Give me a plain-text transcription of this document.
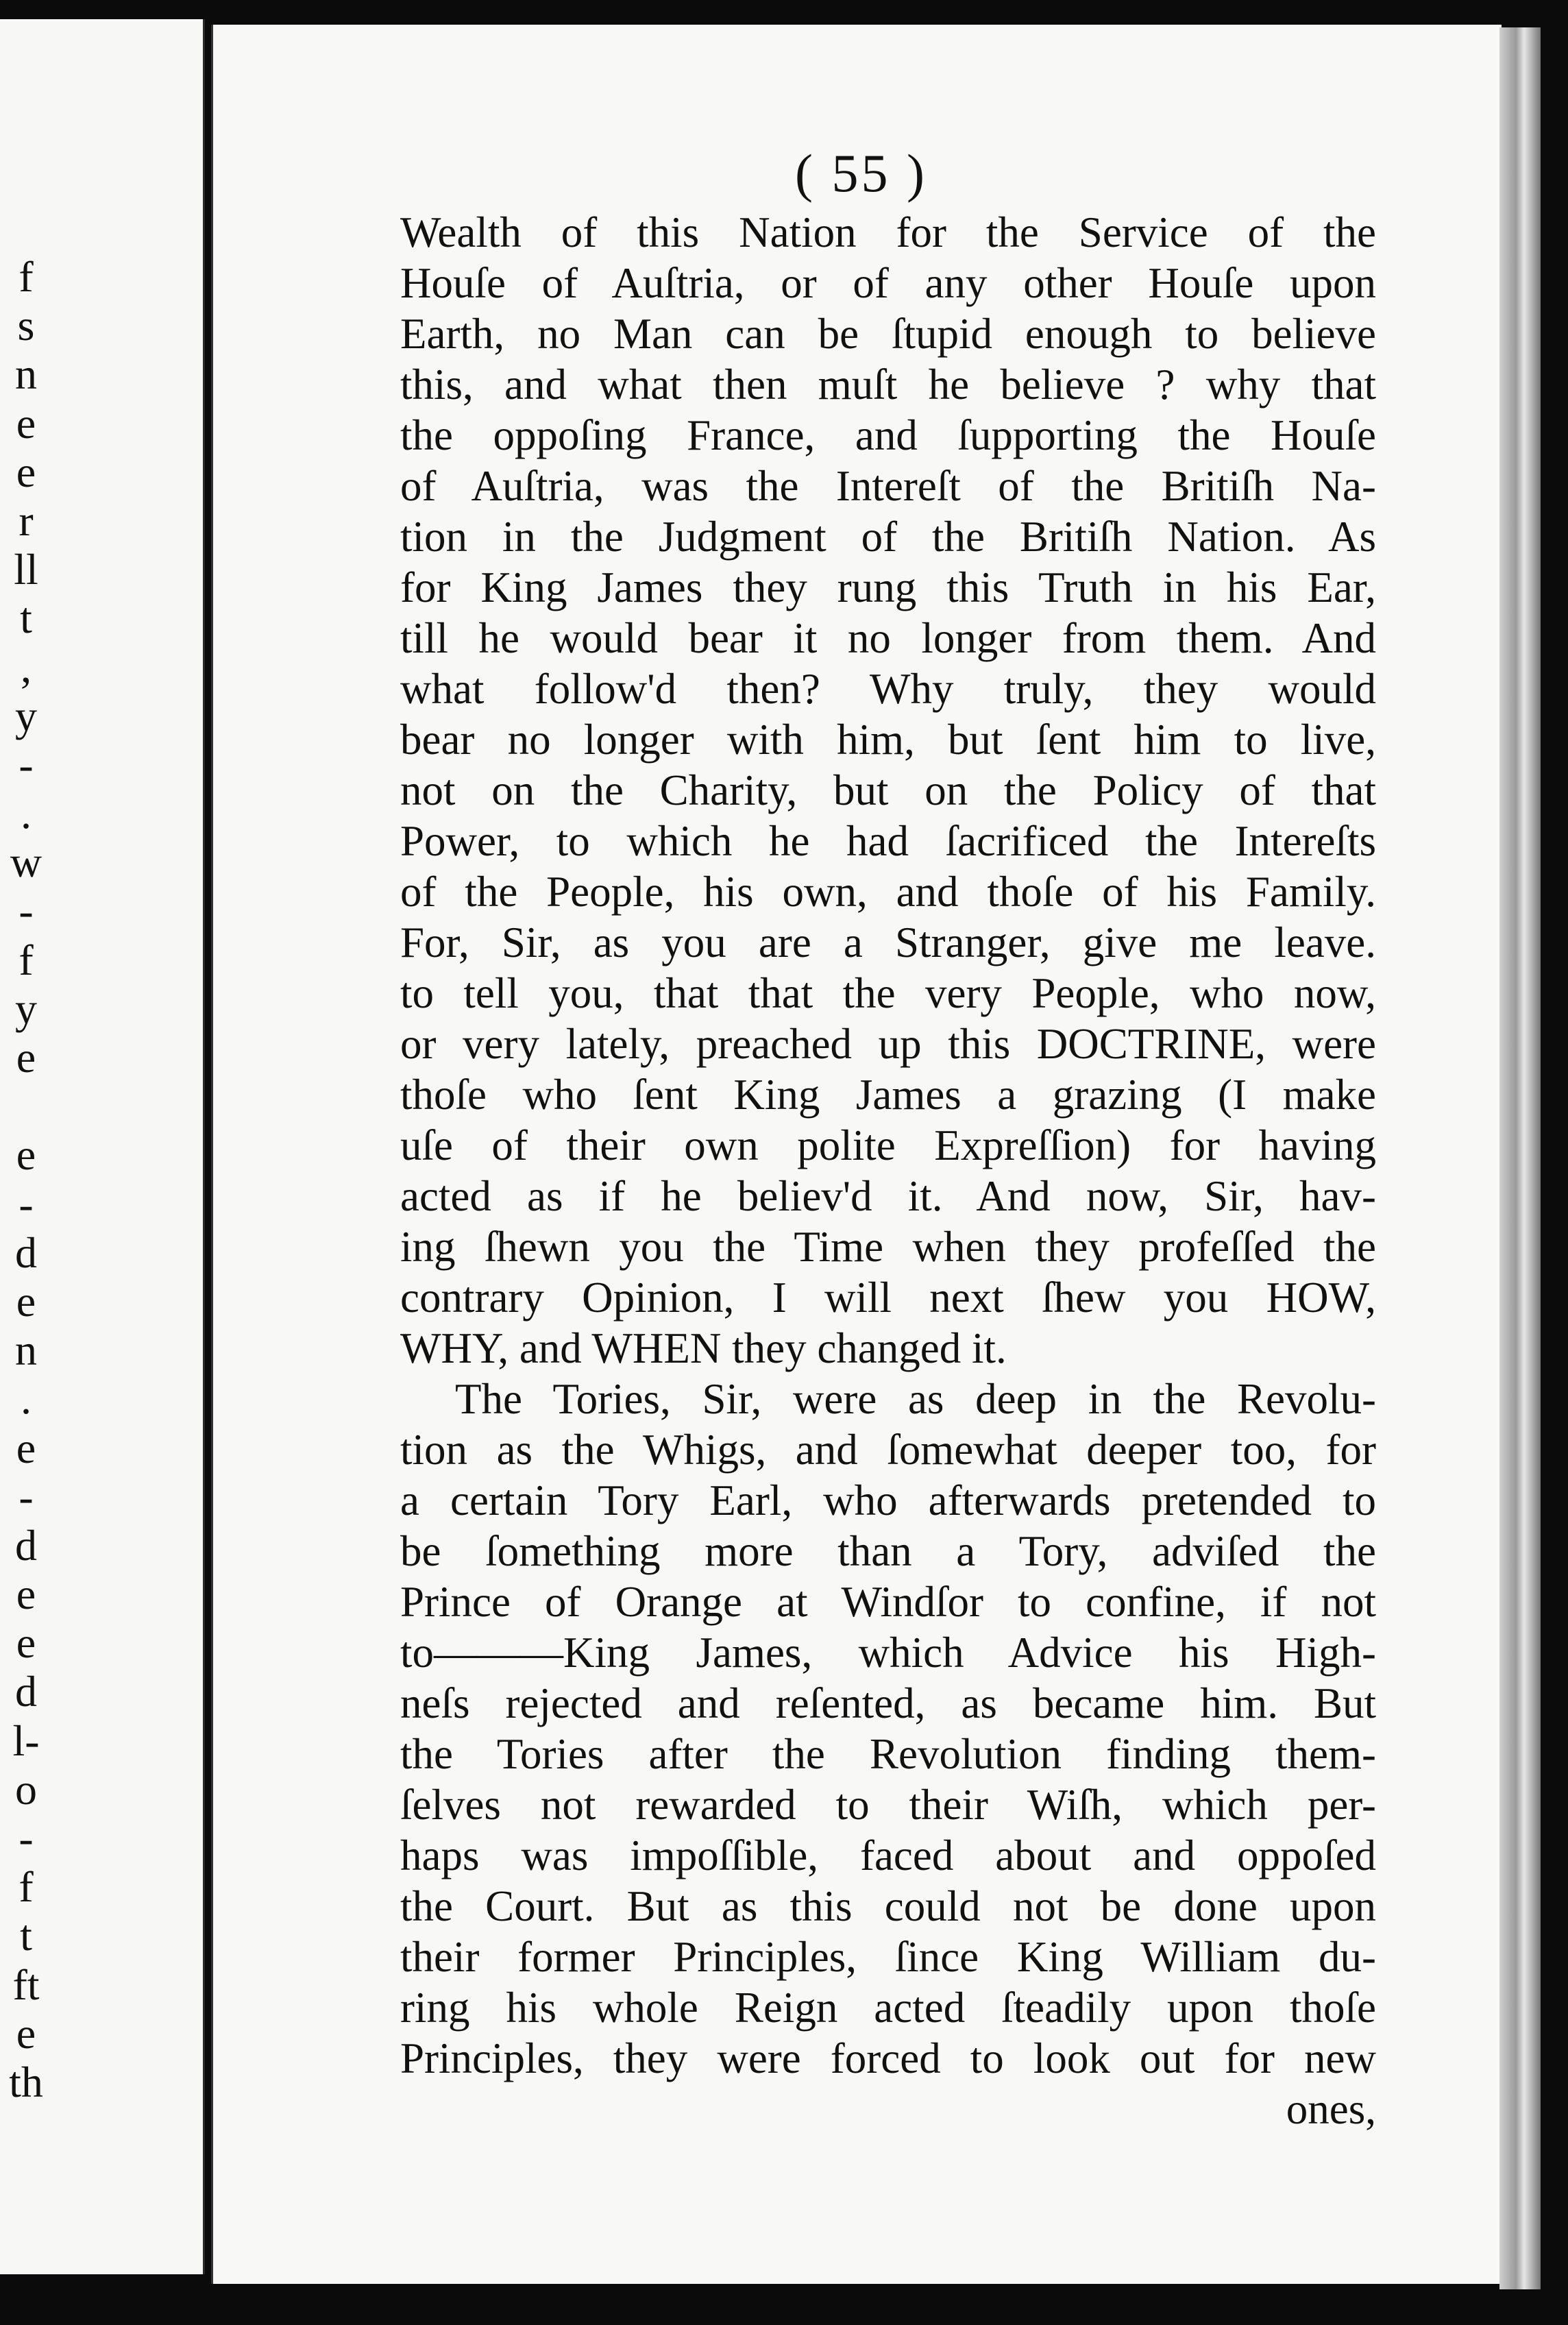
f
s
n
e
e
r
ll
t
,
y
-
.
w
-
f
y
e
e
-
d
e
n
.
e
-
d
e
e
d
l-
o
-
f
t
ft
e
th
( 55 )
Wealth of this Nation for the Service of the
Houſe of Auſtria, or of any other Houſe upon
Earth, no Man can be ſtupid enough to believe
this, and what then muſt he believe ? why that
the oppoſing France, and ſupporting the Houſe
of Auſtria, was the Intereſt of the Britiſh Na-
tion in the Judgment of the Britiſh Nation. As
for King James they rung this Truth in his Ear,
till he would bear it no longer from them. And
what follow'd then? Why truly, they would
bear no longer with him, but ſent him to live,
not on the Charity, but on the Policy of that
Power, to which he had ſacrificed the Intereſts
of the People, his own, and thoſe of his Family.
For, Sir, as you are a Stranger, give me leave.
to tell you, that that the very People, who now,
or very lately, preached up this DOCTRINE, were
thoſe who ſent King James a grazing (I make
uſe of their own polite Expreſſion) for having
acted as if he believ'd it. And now, Sir, hav-
ing ſhewn you the Time when they profeſſed the
contrary Opinion, I will next ſhew you HOW,
WHY, and WHEN they changed it.
The Tories, Sir, were as deep in the Revolu-
tion as the Whigs, and ſomewhat deeper too, for
a certain Tory Earl, who afterwards pretended to
be ſomething more than a Tory, adviſed the
Prince of Orange at Windſor to confine, if not
to———King James, which Advice his High-
neſs rejected and reſented, as became him. But
the Tories after the Revolution finding them-
ſelves not rewarded to their Wiſh, which per-
haps was impoſſible, faced about and oppoſed
the Court. But as this could not be done upon
their former Principles, ſince King William du-
ring his whole Reign acted ſteadily upon thoſe
Principles, they were forced to look out for new
ones,
